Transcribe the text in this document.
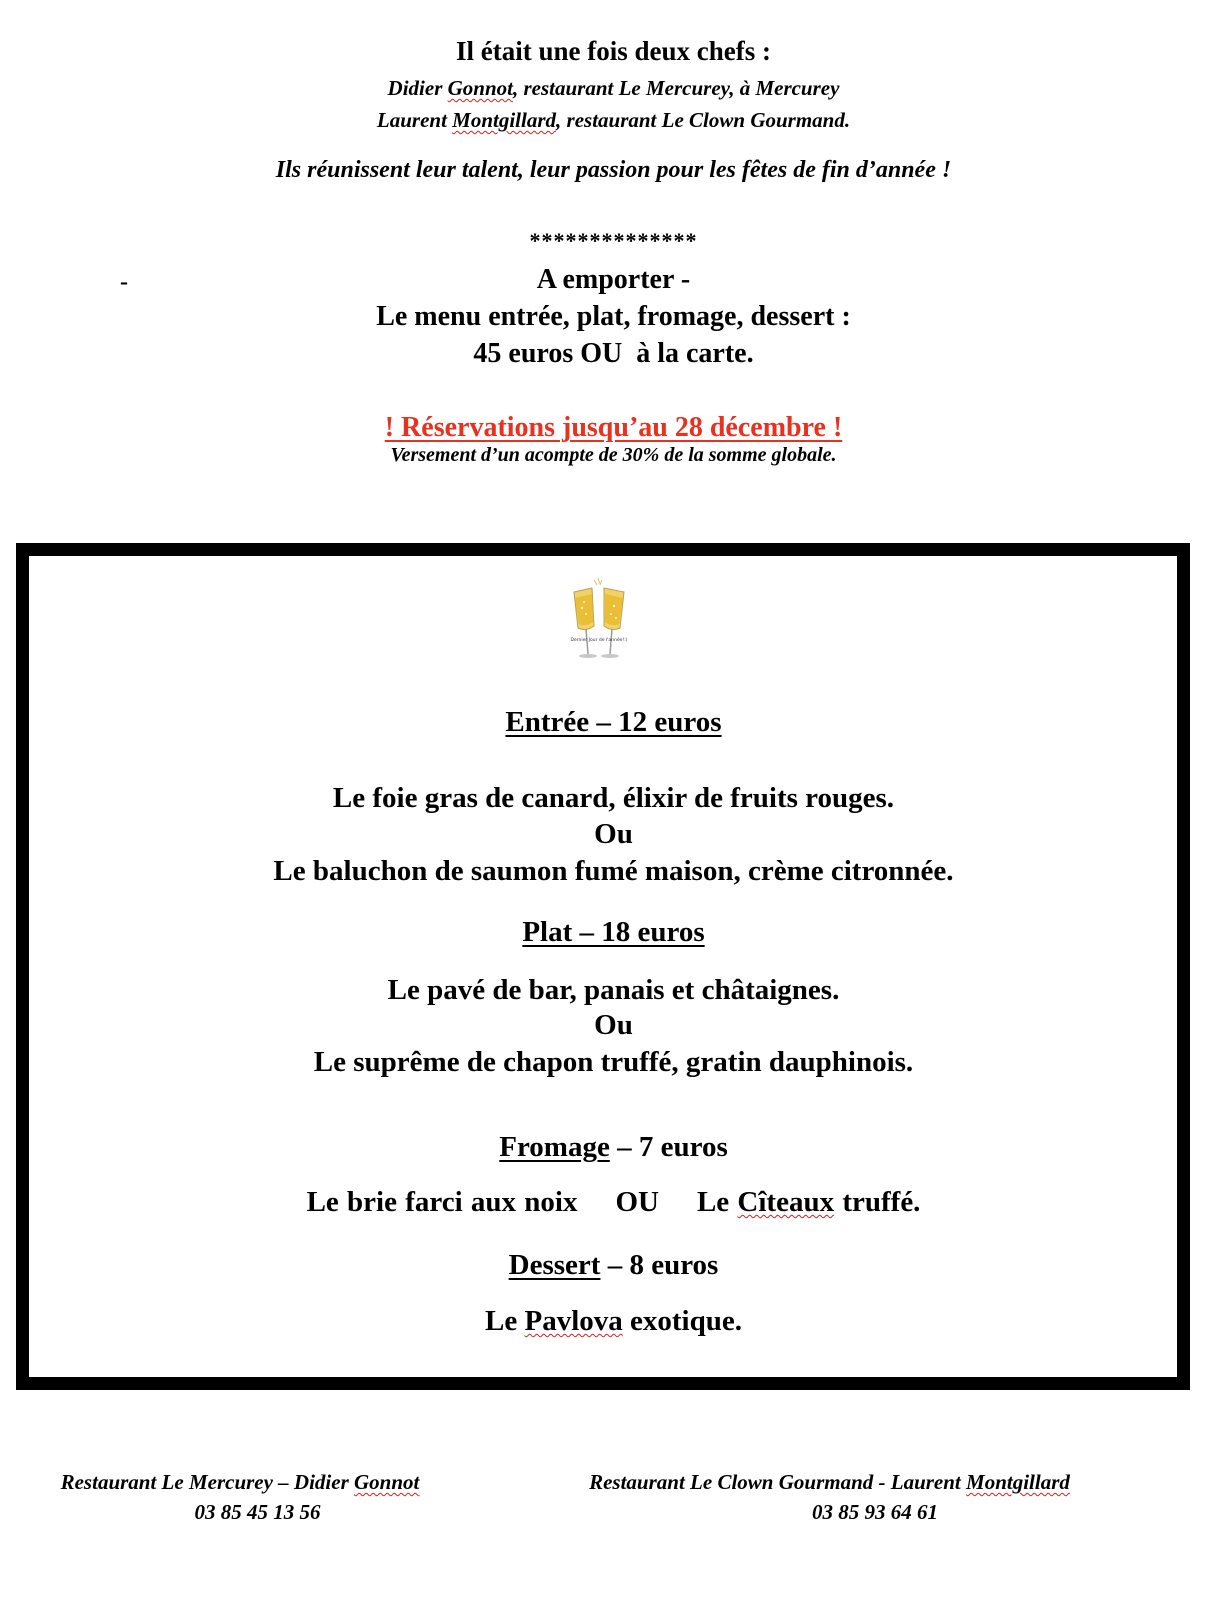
Il était une fois deux chefs :
Didier Gonnot, restaurant Le Mercurey, à Mercurey
Laurent Montgillard, restaurant Le Clown Gourmand.
Ils réunissent leur talent, leur passion pour les fêtes de fin d’année !
**************
-	A emporter -
Le menu entrée, plat, fromage, dessert :
45 euros OU  à la carte.
! Réservations jusqu’au 28 décembre !
Versement d’un acompte de 30% de la somme globale.
Dernier Jour de l'année!:)
Entrée – 12 euros
Le foie gras de canard, élixir de fruits rouges.
Ou
Le baluchon de saumon fumé maison, crème citronnée.
Plat – 18 euros
Le pavé de bar, panais et châtaignes.
Ou
Le suprême de chapon truffé, gratin dauphinois.
Fromage – 7 euros
Le brie farci aux noix OU Le Cîteaux truffé.
Dessert – 8 euros
Le Pavlova exotique.
Restaurant Le Mercurey – Didier Gonnot
03 85 45 13 56
Restaurant Le Clown Gourmand - Laurent Montgillard
03 85 93 64 61
